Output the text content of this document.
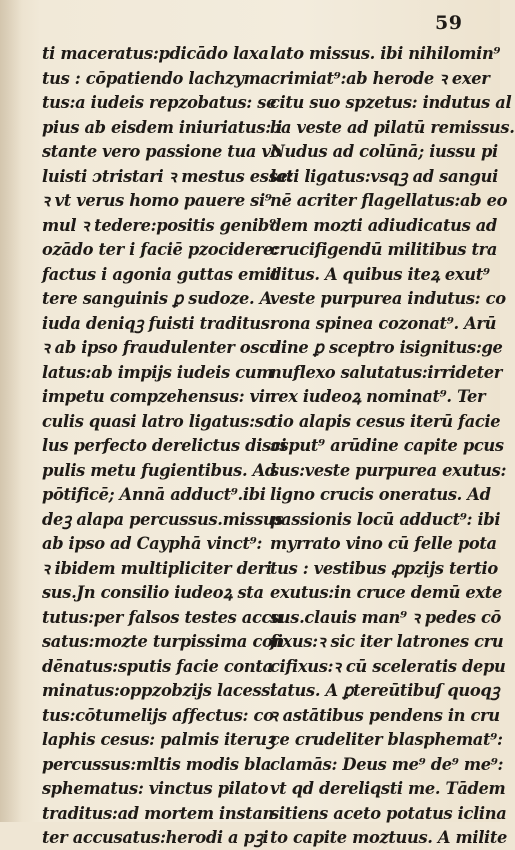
59
ti maceratus:pdicādo laxa
tus : cōpatiendo lachzyma
tus:a iudeis repzobatus: se
pius ab eisdem iniuriatus: i
stante vero passione tua vo
luisti ɔtristari ꝛ mestus esse:
ꝛ vt verus homo pauere si⁹
mul ꝛ tedere:positis genib⁹
ozādo ter i faciē pzocidere:
factus i agonia guttas emit
tere sanguinis ꝑ sudoze. A
iuda deniqꝫ fuisti traditus:
ꝛ ab ipso fraudulenter oscu
latus:ab impijs iudeis cum
impetu compzehensus: vin
culis quasi latro ligatus:so
lus perfecto derelictus disci
pulis metu fugientibus. Ad
pōtificē; Annā adduct⁹.ibi
deꝫ alapa percussus.missus
ab ipso ad Cayphā vinct⁹:
ꝛ ibidem multipliciter deri
sus.Jn consilio iudeoꝝ sta
tutus:per falsos testes accu
satus:mozte turpissima con
dēnatus:sputis facie conta
minatus:oppzobzijs lacessi
tus:cōtumelijs affectus: co
laphis cesus: palmis iteruꝫ
percussus:mltis modis bla
sphematus: vinctus pilato
traditus:ad mortem instan
ter accusatus:herodi a pꝫi
lato missus. ibi nihilomin⁹
crimiat⁹:ab herode ꝛ exer
citu suo spzetus: indutus al
ba veste ad pilatū remissus.
Nudus ad colūnā; iussu pi
lati ligatus:vsqꝫ ad sangui
nē acriter flagellatus:ab eo
dem mozti adiudicatus ad
crucifigendū militibus tra
ditus. A quibus iteꝝ exut⁹
veste purpurea indutus: co
rona spinea cozonat⁹. Arū
dine ꝑ sceptro isignitus:ge
nuflexo salutatus:irrideter
rex iudeoꝝ nominat⁹. Ter
tio alapis cesus iterū facie
ɔsput⁹ arūdine capite pcus
sus:veste purpurea exutus:
ligno crucis oneratus. Ad
passionis locū adduct⁹: ibi
myrrato vino cū felle pota
tus : vestibus ꝓpzijs tertio
exutus:in cruce demū exte
sus.clauis man⁹ ꝛ pedes cō
fixus:ꝛ sic iter latrones cru
cifixus:ꝛ cū sceleratis depu
tatus. A ꝑtereūtibuſ quoqꝫ
ꝛ astātibus pendens in cru
ce crudeliter blasphemat⁹:
clamās: Deus me⁹ de⁹ me⁹:
vt qd dereliqsti me. Tādem
sitiens aceto potatus iclina
to capite moztuus. A milite
